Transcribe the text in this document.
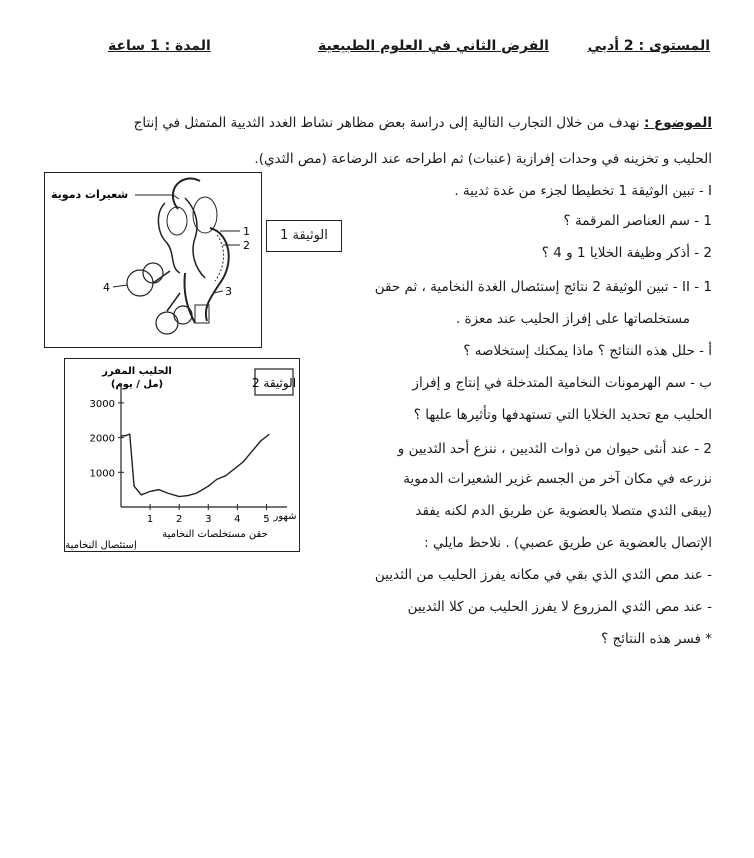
المستوى : 2 أدبي
الفرض الثاني في العلوم الطبيعية
المدة : 1 ساعة
الموضوع : نهدف من خلال التجارب التالية إلى دراسة بعض مظاهر نشاط الغدد الثديية المتمثل في إنتاج
الحليب و تخزينه في وحدات إفرازية (عنبات) ثم اطراحه عند الرضاعة (مص الثدي).
شعيرات دموية
1
2
3
4
الوثيقة 1
الوثيقة 2
الحليب المفرز
(مل / يوم)
شهور
حقن مستخلصات النخامية
إستئصال النخامية
1000
2000
3000
1 2 3 4 5
I - تبين الوثيقة 1 تخطيطا لجزء من غدة ثديية .
1 - سم العناصر المرقمة ؟
2 - أذكر وظيفة الخلايا 1 و 4 ؟
II - 1 - تبين الوثيقة 2 نتائج إستئصال الغدة النخامية ، ثم حقن
مستخلصاتها على إفراز الحليب عند معزة .
أ - حلل هذه النتائج ؟ ماذا يمكنك إستخلاصه ؟
ب - سم الهرمونات النخامية المتدخلة في إنتاج و إفراز
الحليب مع تحديد الخلايا التي تستهدفها وتأثيرها عليها ؟
2 - عند أنثى حيوان من ذوات الثديين ، ننزع أحد الثديين و
نزرعه في مكان آخر من الجسم غزير الشعيرات الدموية
(يبقى الثدي متصلا بالعضوية عن طريق الدم لكنه يفقد
الإتصال بالعضوية عن طريق عصبي) . نلاحظ مايلي :
- عند مص الثدي الذي بقي في مكانه يفرز الحليب من الثديين
- عند مص الثدي المزروع لا يفرز الحليب من كلا الثديين
* فسر هذه النتائج ؟
